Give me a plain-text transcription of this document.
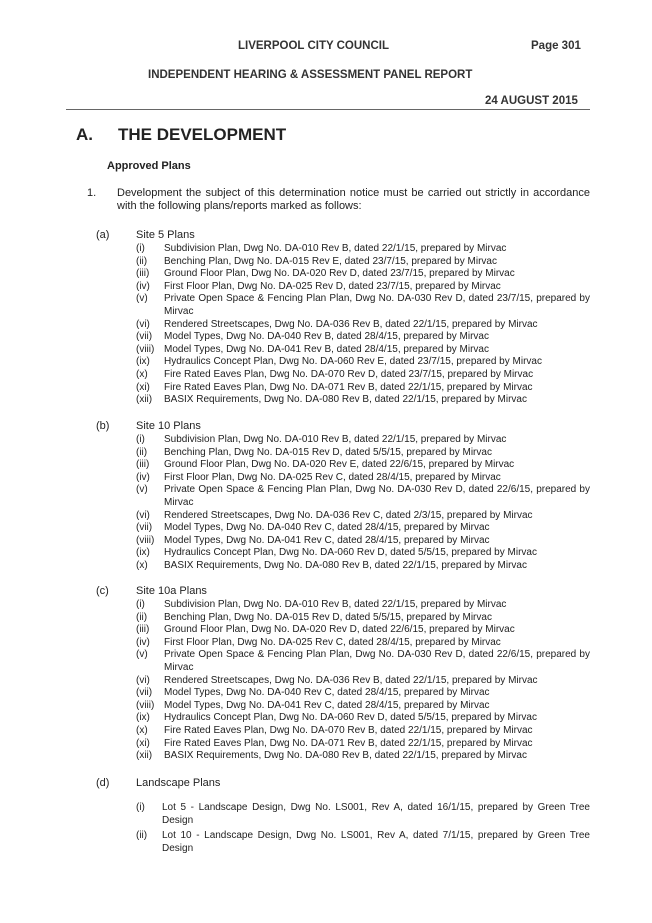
LIVERPOOL CITY COUNCIL	Page 301
INDEPENDENT HEARING & ASSESSMENT PANEL REPORT
24 AUGUST 2015
A. THE DEVELOPMENT
Approved Plans
1. Development the subject of this determination notice must be carried out strictly in accordance with the following plans/reports marked as follows:
(a) Site 5 Plans
(i)	Subdivision Plan, Dwg No. DA-010 Rev B, dated 22/1/15, prepared by Mirvac
(ii)	Benching Plan, Dwg No. DA-015 Rev E, dated 23/7/15, prepared by Mirvac
(iii)	Ground Floor Plan, Dwg No. DA-020 Rev D, dated 23/7/15, prepared by Mirvac
(iv)	First Floor Plan, Dwg No. DA-025 Rev D, dated 23/7/15, prepared by Mirvac
(v)	Private Open Space & Fencing Plan Plan, Dwg No. DA-030 Rev D, dated 23/7/15, prepared by Mirvac
(vi)	Rendered Streetscapes, Dwg No. DA-036 Rev B, dated 22/1/15, prepared by Mirvac
(vii)	Model Types, Dwg No. DA-040 Rev B, dated 28/4/15, prepared by Mirvac
(viii) Model Types, Dwg No. DA-041 Rev B, dated 28/4/15, prepared by Mirvac
(ix)	Hydraulics Concept Plan, Dwg No. DA-060 Rev E, dated 23/7/15, prepared by Mirvac
(x)	Fire Rated Eaves Plan, Dwg No. DA-070 Rev D, dated 23/7/15, prepared by Mirvac
(xi)	Fire Rated Eaves Plan, Dwg No. DA-071 Rev B, dated 22/1/15, prepared by Mirvac
(xii)	BASIX Requirements, Dwg No. DA-080 Rev B, dated 22/1/15, prepared by Mirvac
(b) Site 10 Plans
(i)	Subdivision Plan, Dwg No. DA-010 Rev B, dated 22/1/15, prepared by Mirvac
(ii)	Benching Plan, Dwg No. DA-015 Rev D, dated 5/5/15, prepared by Mirvac
(iii)	Ground Floor Plan, Dwg No. DA-020 Rev E, dated 22/6/15, prepared by Mirvac
(iv)	First Floor Plan, Dwg No. DA-025 Rev C, dated 28/4/15, prepared by Mirvac
(v)	Private Open Space & Fencing Plan Plan, Dwg No. DA-030 Rev D, dated 22/6/15, prepared by Mirvac
(vi)	Rendered Streetscapes, Dwg No. DA-036 Rev C, dated 2/3/15, prepared by Mirvac
(vii)	Model Types, Dwg No. DA-040 Rev C, dated 28/4/15, prepared by Mirvac
(viii) Model Types, Dwg No. DA-041 Rev C, dated 28/4/15, prepared by Mirvac
(ix)	Hydraulics Concept Plan, Dwg No. DA-060 Rev D, dated 5/5/15, prepared by Mirvac
(x)	BASIX Requirements, Dwg No. DA-080 Rev B, dated 22/1/15, prepared by Mirvac
(c) Site 10a Plans
(i)	Subdivision Plan, Dwg No. DA-010 Rev B, dated 22/1/15, prepared by Mirvac
(ii)	Benching Plan, Dwg No. DA-015 Rev D, dated 5/5/15, prepared by Mirvac
(iii)	Ground Floor Plan, Dwg No. DA-020 Rev D, dated 22/6/15, prepared by Mirvac
(iv)	First Floor Plan, Dwg No. DA-025 Rev C, dated 28/4/15, prepared by Mirvac
(v)	Private Open Space & Fencing Plan Plan, Dwg No. DA-030 Rev D, dated 22/6/15, prepared by Mirvac
(vi)	Rendered Streetscapes, Dwg No. DA-036 Rev B, dated 22/1/15, prepared by Mirvac
(vii)	Model Types, Dwg No. DA-040 Rev C, dated 28/4/15, prepared by Mirvac
(viii) Model Types, Dwg No. DA-041 Rev C, dated 28/4/15, prepared by Mirvac
(ix)	Hydraulics Concept Plan, Dwg No. DA-060 Rev D, dated 5/5/15, prepared by Mirvac
(x)	Fire Rated Eaves Plan, Dwg No. DA-070 Rev B, dated 22/1/15, prepared by Mirvac
(xi)	Fire Rated Eaves Plan, Dwg No. DA-071 Rev B, dated 22/1/15, prepared by Mirvac
(xii)	BASIX Requirements, Dwg No. DA-080 Rev B, dated 22/1/15, prepared by Mirvac
(d) Landscape Plans
(i)	Lot 5 - Landscape Design, Dwg No. LS001, Rev A, dated 16/1/15, prepared by Green Tree Design
(ii)	Lot 10 - Landscape Design, Dwg No. LS001, Rev A, dated 7/1/15, prepared by Green Tree Design
